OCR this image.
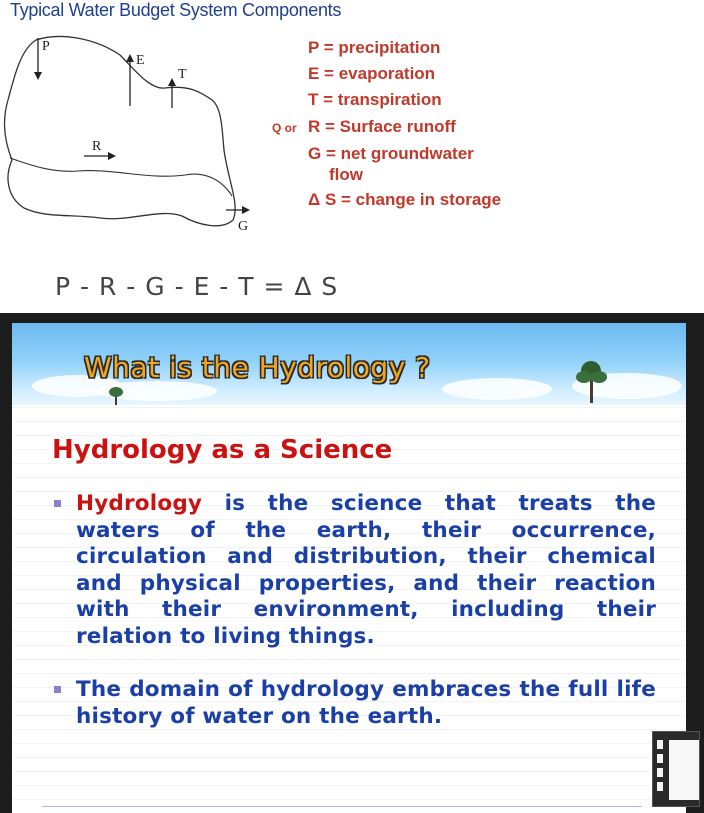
Typical Water Budget System Components
P
E
T
R
G
P = precipitation
E = evaporation
T = transpiration
Q or R = Surface runoff
G = net groundwater
flow
Δ S = change in storage
P - R - G - E - T = Δ S
What is the Hydrology ?
Hydrology as a Science
Hydrology is the science that treats the waters of the earth, their occurrence, circulation and distribution, their chemical and physical properties, and their reaction with their environment, including their relation to living things.
The domain of hydrology embraces the full life history of water on the earth.
